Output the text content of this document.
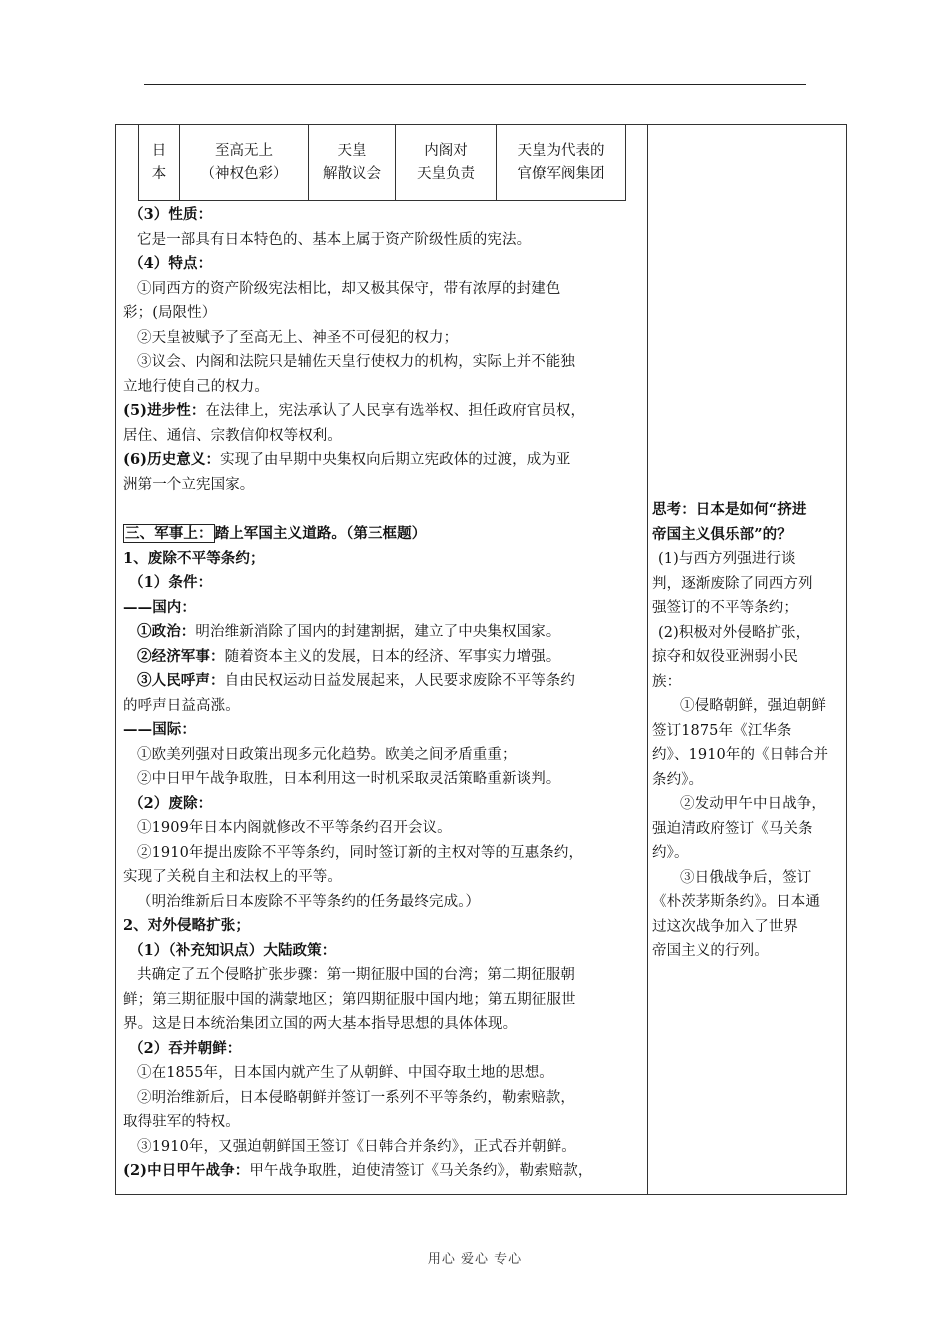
日
本

至高无上
（神权色彩）

天皇
解散议会

内阁对
天皇负责

天皇为代表的
官僚军阀集团
（3）性质：
它是一部具有日本特色的、基本上属于资产阶级性质的宪法。
（4）特点：
①同西方的资产阶级宪法相比，却又极其保守，带有浓厚的封建色
彩；(局限性）
②天皇被赋予了至高无上、神圣不可侵犯的权力；
③议会、内阁和法院只是辅佐天皇行使权力的机构，实际上并不能独
立地行使自己的权力。
(5)进步性：在法律上，宪法承认了人民享有选举权、担任政府官员权，
居住、通信、宗教信仰权等权利。
(6)历史意义：实现了由早期中央集权向后期立宪政体的过渡，成为亚
洲第一个立宪国家。
三、军事上： 踏上军国主义道路。（第三框题）
1、废除不平等条约；
（1）条件：
——国内：
①政治：明治维新消除了国内的封建割据，建立了中央集权国家。
②经济军事：随着资本主义的发展，日本的经济、军事实力增强。
③人民呼声：自由民权运动日益发展起来，人民要求废除不平等条约
的呼声日益高涨。
——国际：
①欧美列强对日政策出现多元化趋势。欧美之间矛盾重重；
②中日甲午战争取胜，日本利用这一时机采取灵活策略重新谈判。
（2）废除：
①1909年日本内阁就修改不平等条约召开会议。
②1910年提出废除不平等条约，同时签订新的主权对等的互惠条约，
实现了关税自主和法权上的平等。
（明治维新后日本废除不平等条约的任务最终完成。）
2、对外侵略扩张；
（1）（补充知识点）大陆政策：
共确定了五个侵略扩张步骤：第一期征服中国的台湾；第二期征服朝
鲜；第三期征服中国的满蒙地区；第四期征服中国内地；第五期征服世
界。这是日本统治集团立国的两大基本指导思想的具体体现。
（2）吞并朝鲜：
①在1855年，日本国内就产生了从朝鲜、中国夺取土地的思想。
②明治维新后，日本侵略朝鲜并签订一系列不平等条约，勒索赔款，
取得驻军的特权。
③1910年，又强迫朝鲜国王签订《日韩合并条约》，正式吞并朝鲜。
(2)中日甲午战争：甲午战争取胜，迫使清签订《马关条约》，勒索赔款，
思考：日本是如何“挤进
帝国主义俱乐部”的？
(1)与西方列强进行谈
判，逐渐废除了同西方列
强签订的不平等条约；
(2)积极对外侵略扩张，
掠夺和奴役亚洲弱小民
族：
①侵略朝鲜，强迫朝鲜
签订1875年《江华条
约》、1910年的《日韩合并
条约》。
②发动甲午中日战争，
强迫清政府签订《马关条
约》。
③日俄战争后，签订
《朴茨茅斯条约》。日本通
过这次战争加入了世界
帝国主义的行列。
用心 爱心 专心
